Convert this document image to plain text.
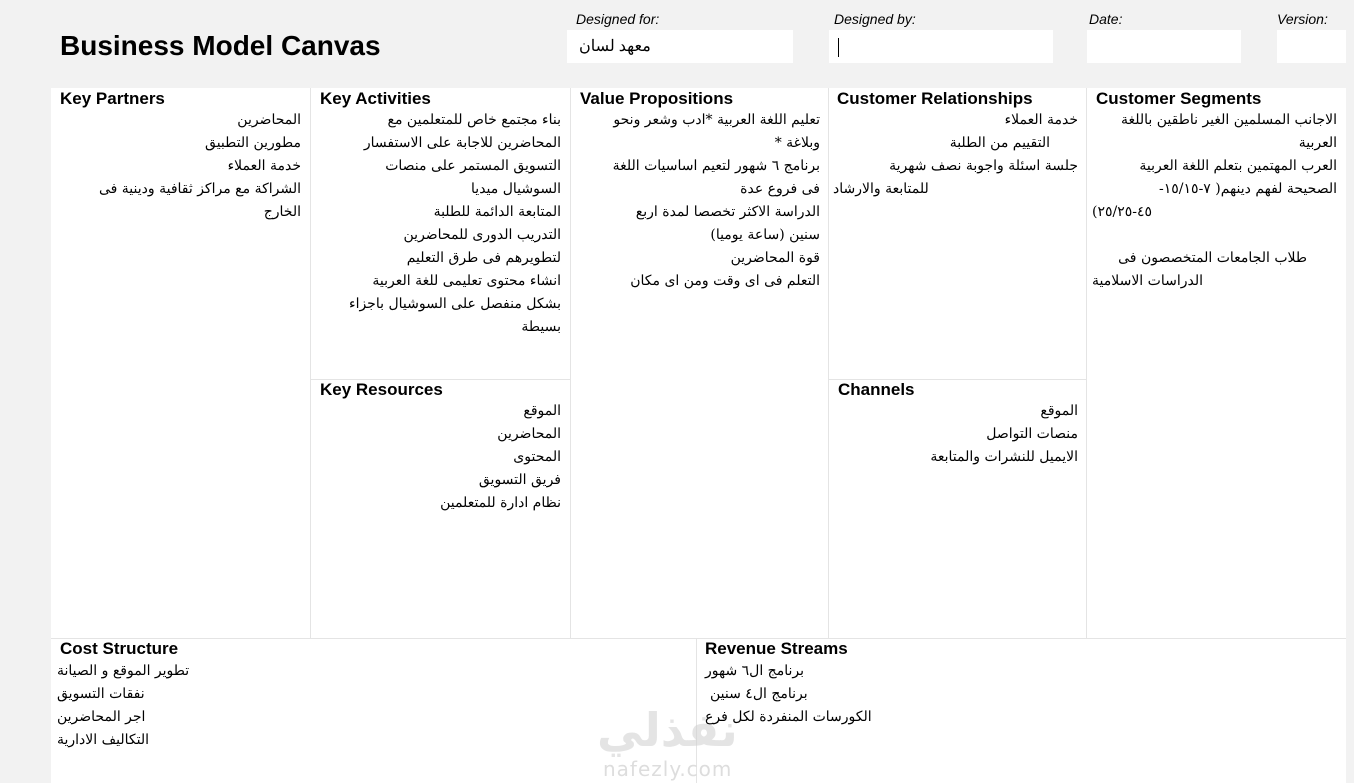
Business Model Canvas
Designed for:
معهد لسان
Designed by:	Date:	Version:
Key Partners
المحاضرين
مطورين التطبيق
خدمة العملاء
الشراكة مع مراكز ثقافية ودينية فى
الخارج
Key Activities
بناء مجتمع خاص للمتعلمين مع
المحاضرين للاجابة على الاستفسار
التسويق المستمر على منصات
السوشيال ميديا
المتابعة الدائمة للطلبة
التدريب الدورى للمحاضرين
لتطويرهم فى طرق التعليم
انشاء محتوى تعليمى للغة العربية
بشكل منفصل على السوشيال باجزاء
بسيطة
Key Resources
الموقع
المحاضرين
المحتوى
فريق التسويق
نظام ادارة للمتعلمين
Value Propositions
تعليم اللغة العربية *ادب وشعر ونحو
وبلاغة *
برنامج ٦ شهور لتعيم اساسيات اللغة
فى فروع عدة
الدراسة الاكثر تخصصا لمدة اربع
سنين (ساعة يوميا)
قوة المحاضرين
التعلم فى اى وقت ومن اى مكان
Customer Relationships
خدمة العملاء
التقييم من الطلبة
جلسة اسئلة واجوبة نصف شهرية
للمتابعة والارشاد
Channels
الموقع
منصات التواصل
الايميل للنشرات والمتابعة
Customer Segments
الاجانب المسلمين الغير ناطقين باللغة
العربية
العرب المهتمين بتعلم اللغة العربية
الصحيحة لفهم دينهم( ٧-١٥/١٥-
٤٥-٢٥/٢٥)
طلاب الجامعات المتخصصون فى
الدراسات الاسلامية
Cost Structure
تطوير الموقع و الصيانة
نفقات التسويق
اجر المحاضرين
التكاليف الادارية
Revenue Streams
برنامج ال٦ شهور
برنامج ال٤ سنين
الكورسات المنفردة لكل فرع
نفذلي
nafezly.com
